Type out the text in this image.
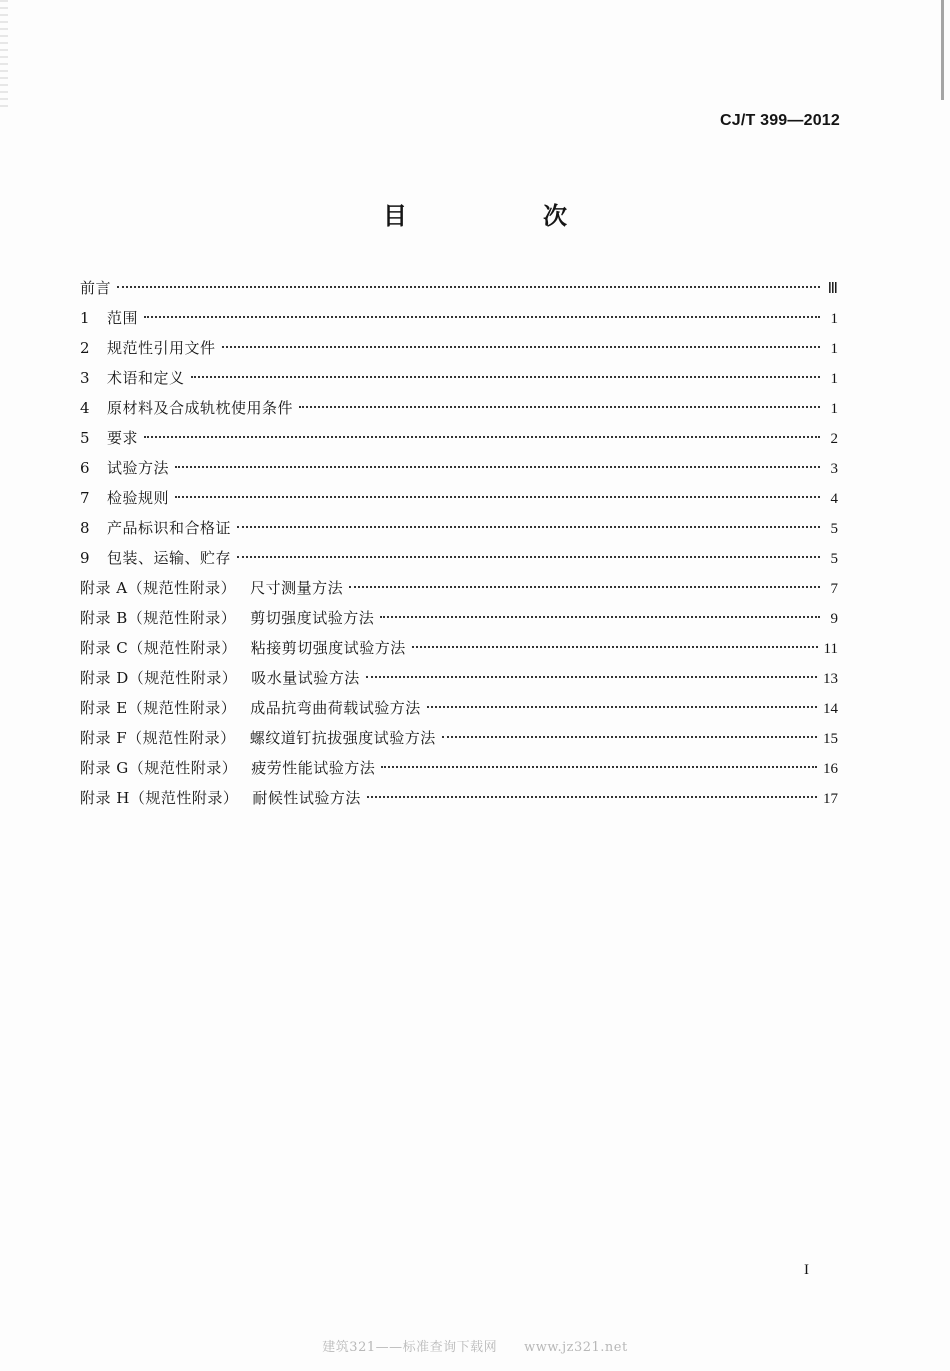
CJ/T 399—2012
目　次
前言	Ⅲ
1	范围	1
2	规范性引用文件	1
3	术语和定义	1
4	原材料及合成轨枕使用条件	1
5	要求	2
6	试验方法	3
7	检验规则	4
8	产品标识和合格证	5
9	包装、运输、贮存	5
附录 A（规范性附录） 尺寸测量方法	7
附录 B（规范性附录） 剪切强度试验方法	9
附录 C（规范性附录） 粘接剪切强度试验方法	11
附录 D（规范性附录） 吸水量试验方法	13
附录 E（规范性附录） 成品抗弯曲荷载试验方法	14
附录 F（规范性附录） 螺纹道钉抗拔强度试验方法	15
附录 G（规范性附录） 疲劳性能试验方法	16
附录 H（规范性附录） 耐候性试验方法	17
I
建筑321——标准查询下载网　　www.jz321.net
